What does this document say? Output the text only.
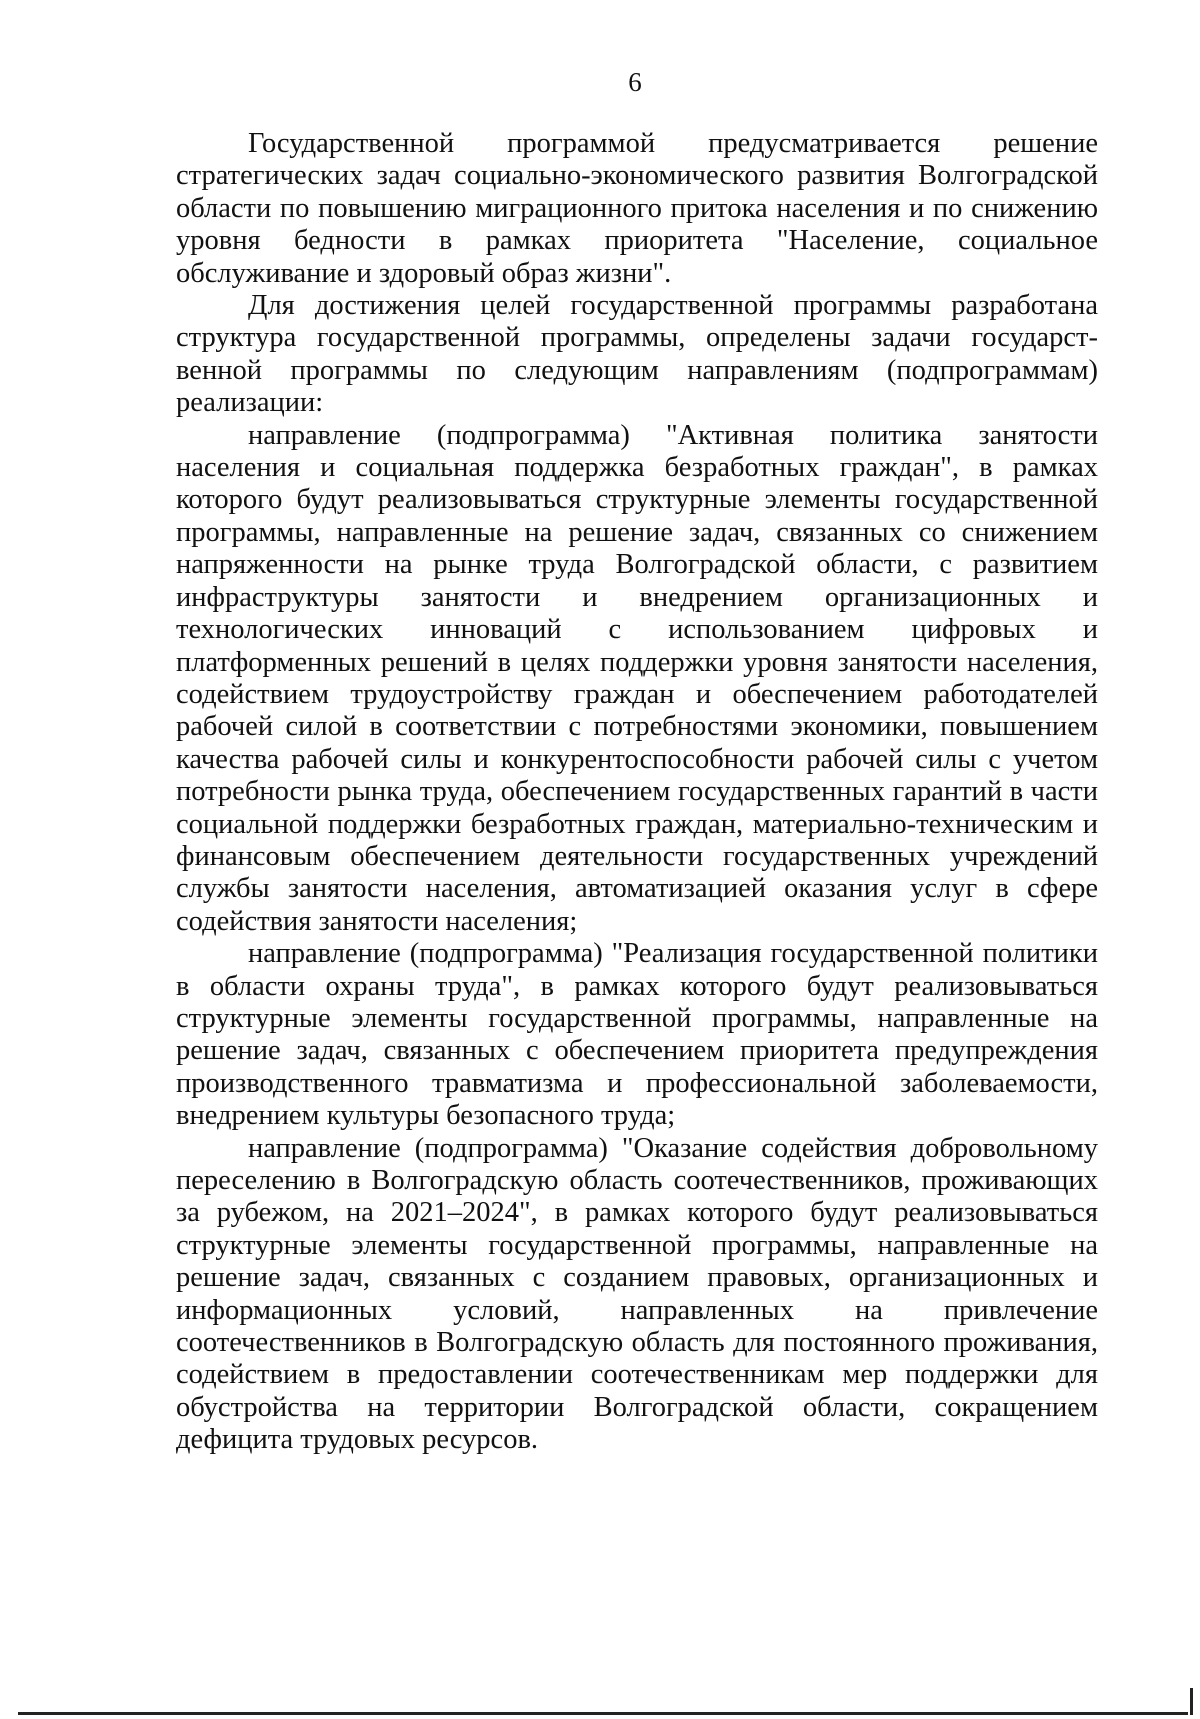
6

Государственной программой предусматривается решение стратегических задач социально-экономического развития Волгоградской области по повышению миграционного притока населения и по снижению уровня бедности в рамках приоритета "Население, социальное обслуживание и здоровый образ жизни".

Для достижения целей государственной программы разработана структура государственной программы, определены задачи государст-венной программы по следующим направлениям (подпрограммам) реализации:

направление (подпрограмма) "Активная политика занятости населения и социальная поддержка безработных граждан", в рамках которого будут реализовываться структурные элементы государственной программы, направленные на решение задач, связанных со снижением напряженности на рынке труда Волгоградской области, с развитием инфраструктуры занятости и внедрением организационных и технологических инноваций с использованием цифровых и платформенных решений в целях поддержки уровня занятости населения, содействием трудоустройству граждан и обеспечением работодателей рабочей силой в соответствии с потребностями экономики, повышением качества рабочей силы и конкурентоспособности рабочей силы с учетом потребности рынка труда, обеспечением государственных гарантий в части социальной поддержки безработных граждан, материально-техническим и финансовым обеспечением деятельности государственных учреждений службы занятости населения, автоматизацией оказания услуг в сфере содействия занятости населения;

направление (подпрограмма) "Реализация государственной политики в области охраны труда", в рамках которого будут реализовываться структурные элементы государственной программы, направленные на решение задач, связанных с обеспечением приоритета предупреждения производственного травматизма и профессиональной заболеваемости, внедрением культуры безопасного труда;

направление (подпрограмма) "Оказание содействия добровольному переселению в Волгоградскую область соотечественников, проживающих за рубежом, на 2021–2024", в рамках которого будут реализовываться структурные элементы государственной программы, направленные на решение задач, связанных с созданием правовых, организационных и информационных условий, направленных на привлечение соотечественников в Волгоградскую область для постоянного проживания, содействием в предоставлении соотечественникам мер поддержки для обустройства на территории Волгоградской области, сокращением дефицита трудовых ресурсов.
